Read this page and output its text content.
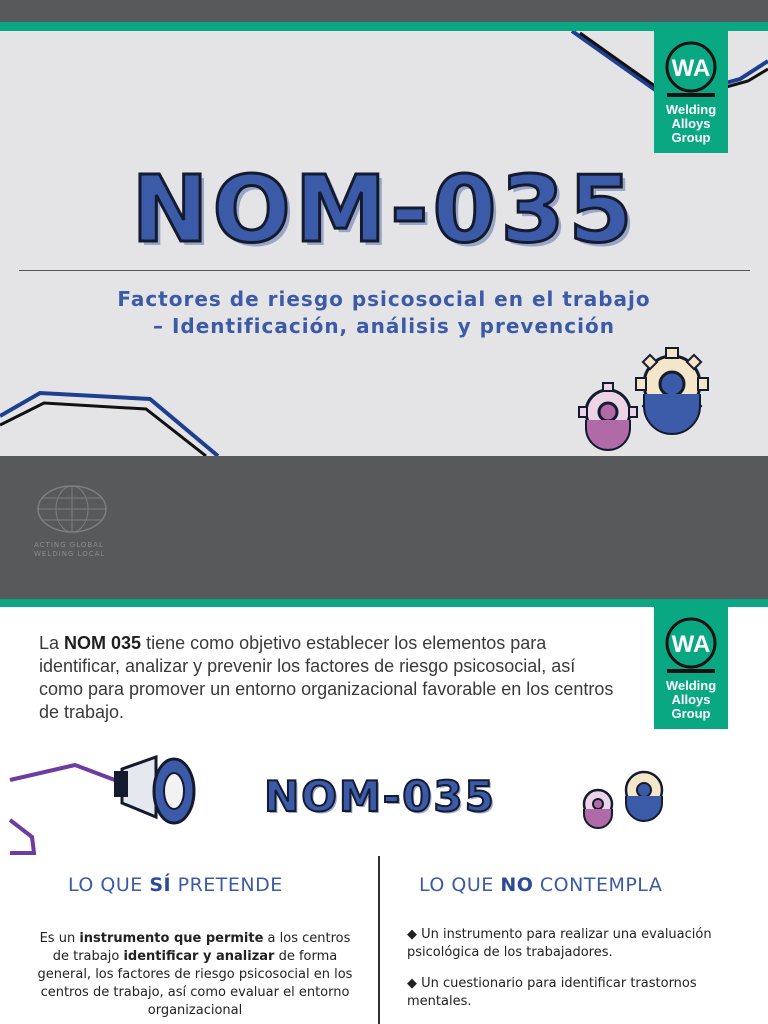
WA
Welding
Alloys
Group
NOM-035
Factores de riesgo psicosocial en el trabajo
– Identificación, análisis y prevención
ACTING GLOBAL
WELDING LOCAL
WA
Welding
Alloys
Group

La NOM 035 tiene como objetivo establecer los elementos para identificar, analizar y prevenir los factores de riesgo psicosocial, así como para promover un entorno organizacional favorable en los centros de trabajo.

NOM-035
LO QUE SÍ PRETENDE	LO QUE NO CONTEMPLA

Es un instrumento que permite a los centros de trabajo identificar y analizar de forma general, los factores de riesgo psicosocial en los centros de trabajo, así como evaluar el entorno organizacional

◆ Un instrumento para realizar una evaluación psicológica de los trabajadores.
◆ Un cuestionario para identificar trastornos mentales.
